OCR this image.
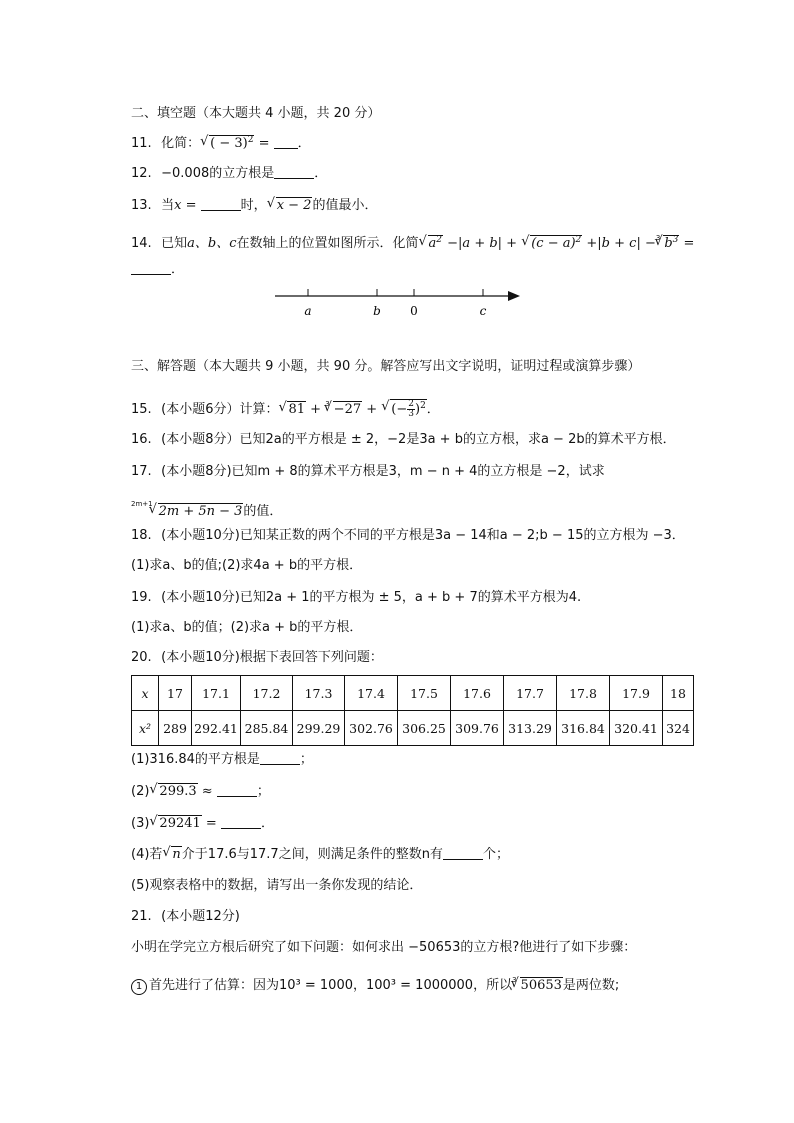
二、填空题（本大题共 4 小题，共 20 分）
11. 化简： √ ( − 3)$^2$ = ．
12. −0.008的立方根是	．
13. 当x =	时， √ x − 2的值最小．
14. 已知a、b、c在数轴上的位置如图所示．化简 √ $a^2 -|a + b|$ + √ $(c - a)^2 +|b + c| -^3$ √ $b^3$ =
．
a	b 0	c
三、解答题（本大题共 9 小题，共 90 分。解答应写出文字说明，证明过程或演算步骤）
15. (本小题6分）计算： √ 81 + $^3$ √ −27 + √ (− $\frac{2}{3} )^2$．
16. (本小题8分）已知2a的平方根是 ± 2，−2是3a + b的立方根，求a − 2b的算术平方根．
17. (本小题8分)已知m + 8的算术平方根是3，m − n + 4的立方根是 −2，试求
$^{2m+1}$ √ 2m + 5n − 3的值．
18. (本小题10分)已知某正数的两个不同的平方根是3a − 14和a − 2;b − 15的立方根为 −3．
(1)求a、b的值;(2)求4a + b的平方根．
19. (本小题10分)已知2a + 1的平方根为 ± 5，a + b + 7的算术平方根为4.
(1)求a、b的值；(2)求a + b的平方根．
20. (本小题10分)根据下表回答下列问题：
x	17	17.1	17.2	17.3	17.4	17.5	17.6	17.7	17.8	17.9	18
x²	289	292.41	285.84	299.29	302.76	306.25	309.76	313.29	316.84	320.41	324
(1)316.84的平方根是	；
(2) √ 299.3 ≈	；
(3) √ 29241 =	．
(4)若 √ n介于17.6与17.7之间，则满足条件的整数n有	个；
(5)观察表格中的数据，请写出一条你发现的结论．
21. (本小题12分)
小明在学完立方根后研究了如下问题：如何求出 −50653的立方根?他进行了如下步骤：
1 首先进行了估算：因为10³ = 1000，100³ = 1000000，所以$^3$ √ 50653是两位数;
